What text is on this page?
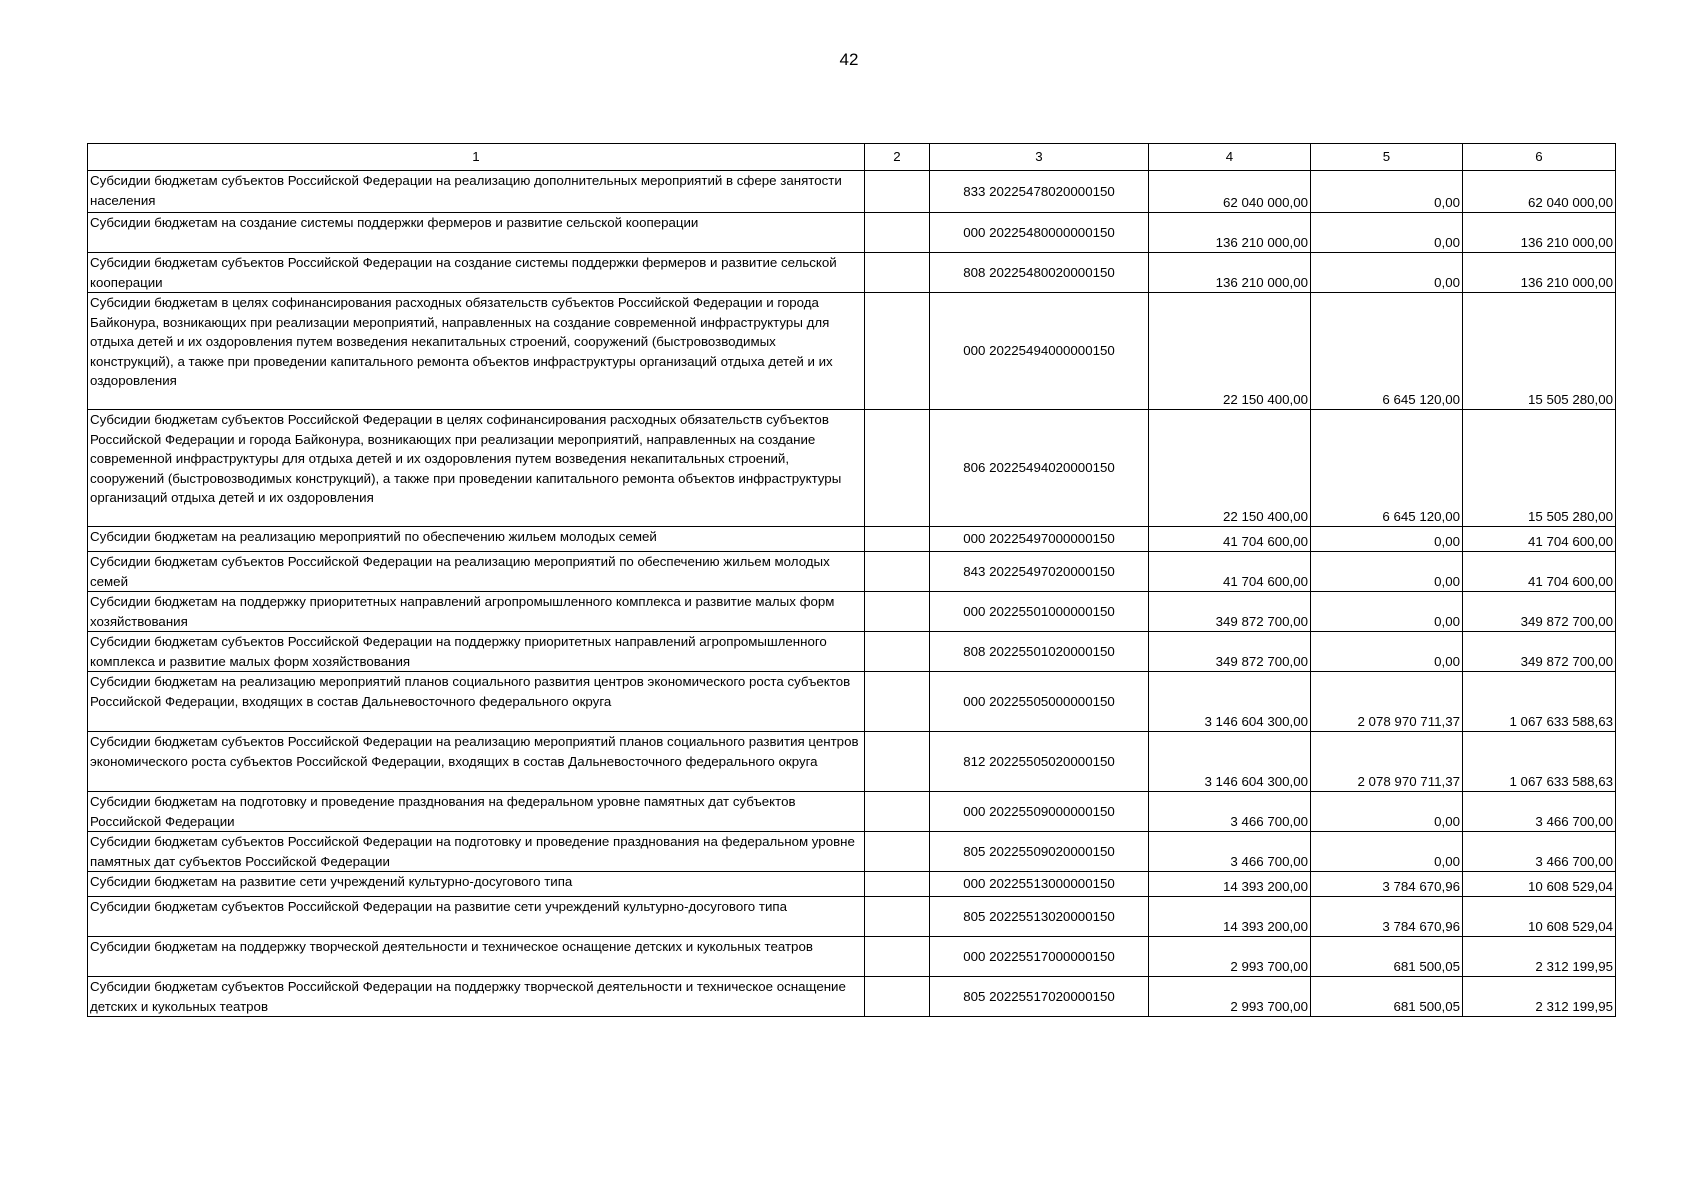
42
1	2	3	4	5	6
Субсидии бюджетам субъектов Российской Федерации на реализацию дополнительных мероприятий в сфере занятости населения		833 20225478020000150	62 040 000,00	0,00	62 040 000,00
Субсидии бюджетам на создание системы поддержки фермеров и развитие сельской кооперации		000 20225480000000150	136 210 000,00	0,00	136 210 000,00
Субсидии бюджетам субъектов Российской Федерации на создание системы поддержки фермеров и развитие сельской кооперации		808 20225480020000150	136 210 000,00	0,00	136 210 000,00
Субсидии бюджетам в целях софинансирования расходных обязательств субъектов Российской Федерации и города Байконура, возникающих при реализации мероприятий, направленных на создание современной инфраструктуры для отдыха детей и их оздоровления путем возведения некапитальных строений, сооружений (быстровозводимых конструкций), а также при проведении капитального ремонта объектов инфраструктуры организаций отдыха детей и их оздоровления		000 20225494000000150	22 150 400,00	6 645 120,00	15 505 280,00
Субсидии бюджетам субъектов Российской Федерации в целях софинансирования расходных обязательств субъектов Российской Федерации и города Байконура, возникающих при реализации мероприятий, направленных на создание современной инфраструктуры для отдыха детей и их оздоровления путем возведения некапитальных строений, сооружений (быстровозводимых конструкций), а также при проведении капитального ремонта объектов инфраструктуры организаций отдыха детей и их оздоровления		806 20225494020000150	22 150 400,00	6 645 120,00	15 505 280,00
Субсидии бюджетам на реализацию мероприятий по обеспечению жильем молодых семей		000 20225497000000150	41 704 600,00	0,00	41 704 600,00
Субсидии бюджетам субъектов Российской Федерации на реализацию мероприятий по обеспечению жильем молодых семей		843 20225497020000150	41 704 600,00	0,00	41 704 600,00
Субсидии бюджетам на поддержку приоритетных направлений агропромышленного комплекса и развитие малых форм хозяйствования		000 20225501000000150	349 872 700,00	0,00	349 872 700,00
Субсидии бюджетам субъектов Российской Федерации на поддержку приоритетных направлений агропромышленного комплекса и развитие малых форм хозяйствования		808 20225501020000150	349 872 700,00	0,00	349 872 700,00
Субсидии бюджетам на реализацию мероприятий планов социального развития центров экономического роста субъектов Российской Федерации, входящих в состав Дальневосточного федерального округа		000 20225505000000150	3 146 604 300,00	2 078 970 711,37	1 067 633 588,63
Субсидии бюджетам субъектов Российской Федерации на реализацию мероприятий планов социального развития центров экономического роста субъектов Российской Федерации, входящих в состав Дальневосточного федерального округа		812 20225505020000150	3 146 604 300,00	2 078 970 711,37	1 067 633 588,63
Субсидии бюджетам на подготовку и проведение празднования на федеральном уровне памятных дат субъектов Российской Федерации		000 20225509000000150	3 466 700,00	0,00	3 466 700,00
Субсидии бюджетам субъектов Российской Федерации на подготовку и проведение празднования на федеральном уровне памятных дат субъектов Российской Федерации		805 20225509020000150	3 466 700,00	0,00	3 466 700,00
Субсидии бюджетам на развитие сети учреждений культурно-досугового типа		000 20225513000000150	14 393 200,00	3 784 670,96	10 608 529,04
Субсидии бюджетам субъектов Российской Федерации на развитие сети учреждений культурно-досугового типа		805 20225513020000150	14 393 200,00	3 784 670,96	10 608 529,04
Субсидии бюджетам на поддержку творческой деятельности и техническое оснащение детских и кукольных театров		000 20225517000000150	2 993 700,00	681 500,05	2 312 199,95
Субсидии бюджетам субъектов Российской Федерации на поддержку творческой деятельности и техническое оснащение детских и кукольных театров		805 20225517020000150	2 993 700,00	681 500,05	2 312 199,95
